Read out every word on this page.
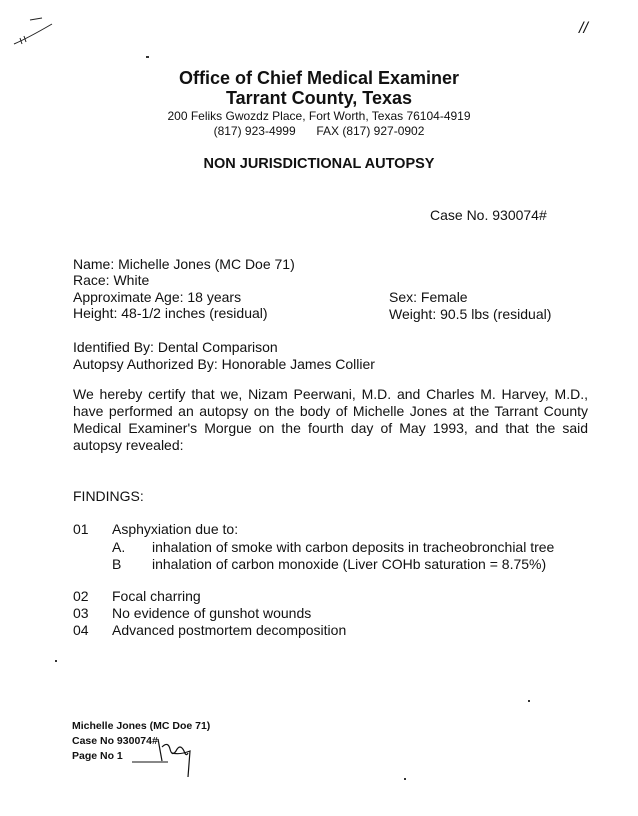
//
Office of Chief Medical Examiner
Tarrant County, Texas
200 Feliks Gwozdz Place, Fort Worth, Texas 76104-4919
(817) 923-4999 FAX (817) 927-0902
NON JURISDICTIONAL AUTOPSY
Case No. 930074#
Name: Michelle Jones (MC Doe 71)
Race: White
Approximate Age: 18 years	Sex: Female
Height: 48-1/2 inches (residual)	Weight: 90.5 lbs (residual)
Identified By: Dental Comparison
Autopsy Authorized By: Honorable James Collier
We hereby certify that we, Nizam Peerwani, M.D. and Charles M. Harvey, M.D., have performed an autopsy on the body of Michelle Jones at the Tarrant County Medical Examiner's Morgue on the fourth day of May 1993, and that the said autopsy revealed:
FINDINGS:
01 Asphyxiation due to:
A. inhalation of smoke with carbon deposits in tracheobronchial tree
B inhalation of carbon monoxide (Liver COHb saturation = 8.75%)
02 Focal charring
03 No evidence of gunshot wounds
04 Advanced postmortem decomposition
Michelle Jones (MC Doe 71)
Case No 930074#
Page No 1
